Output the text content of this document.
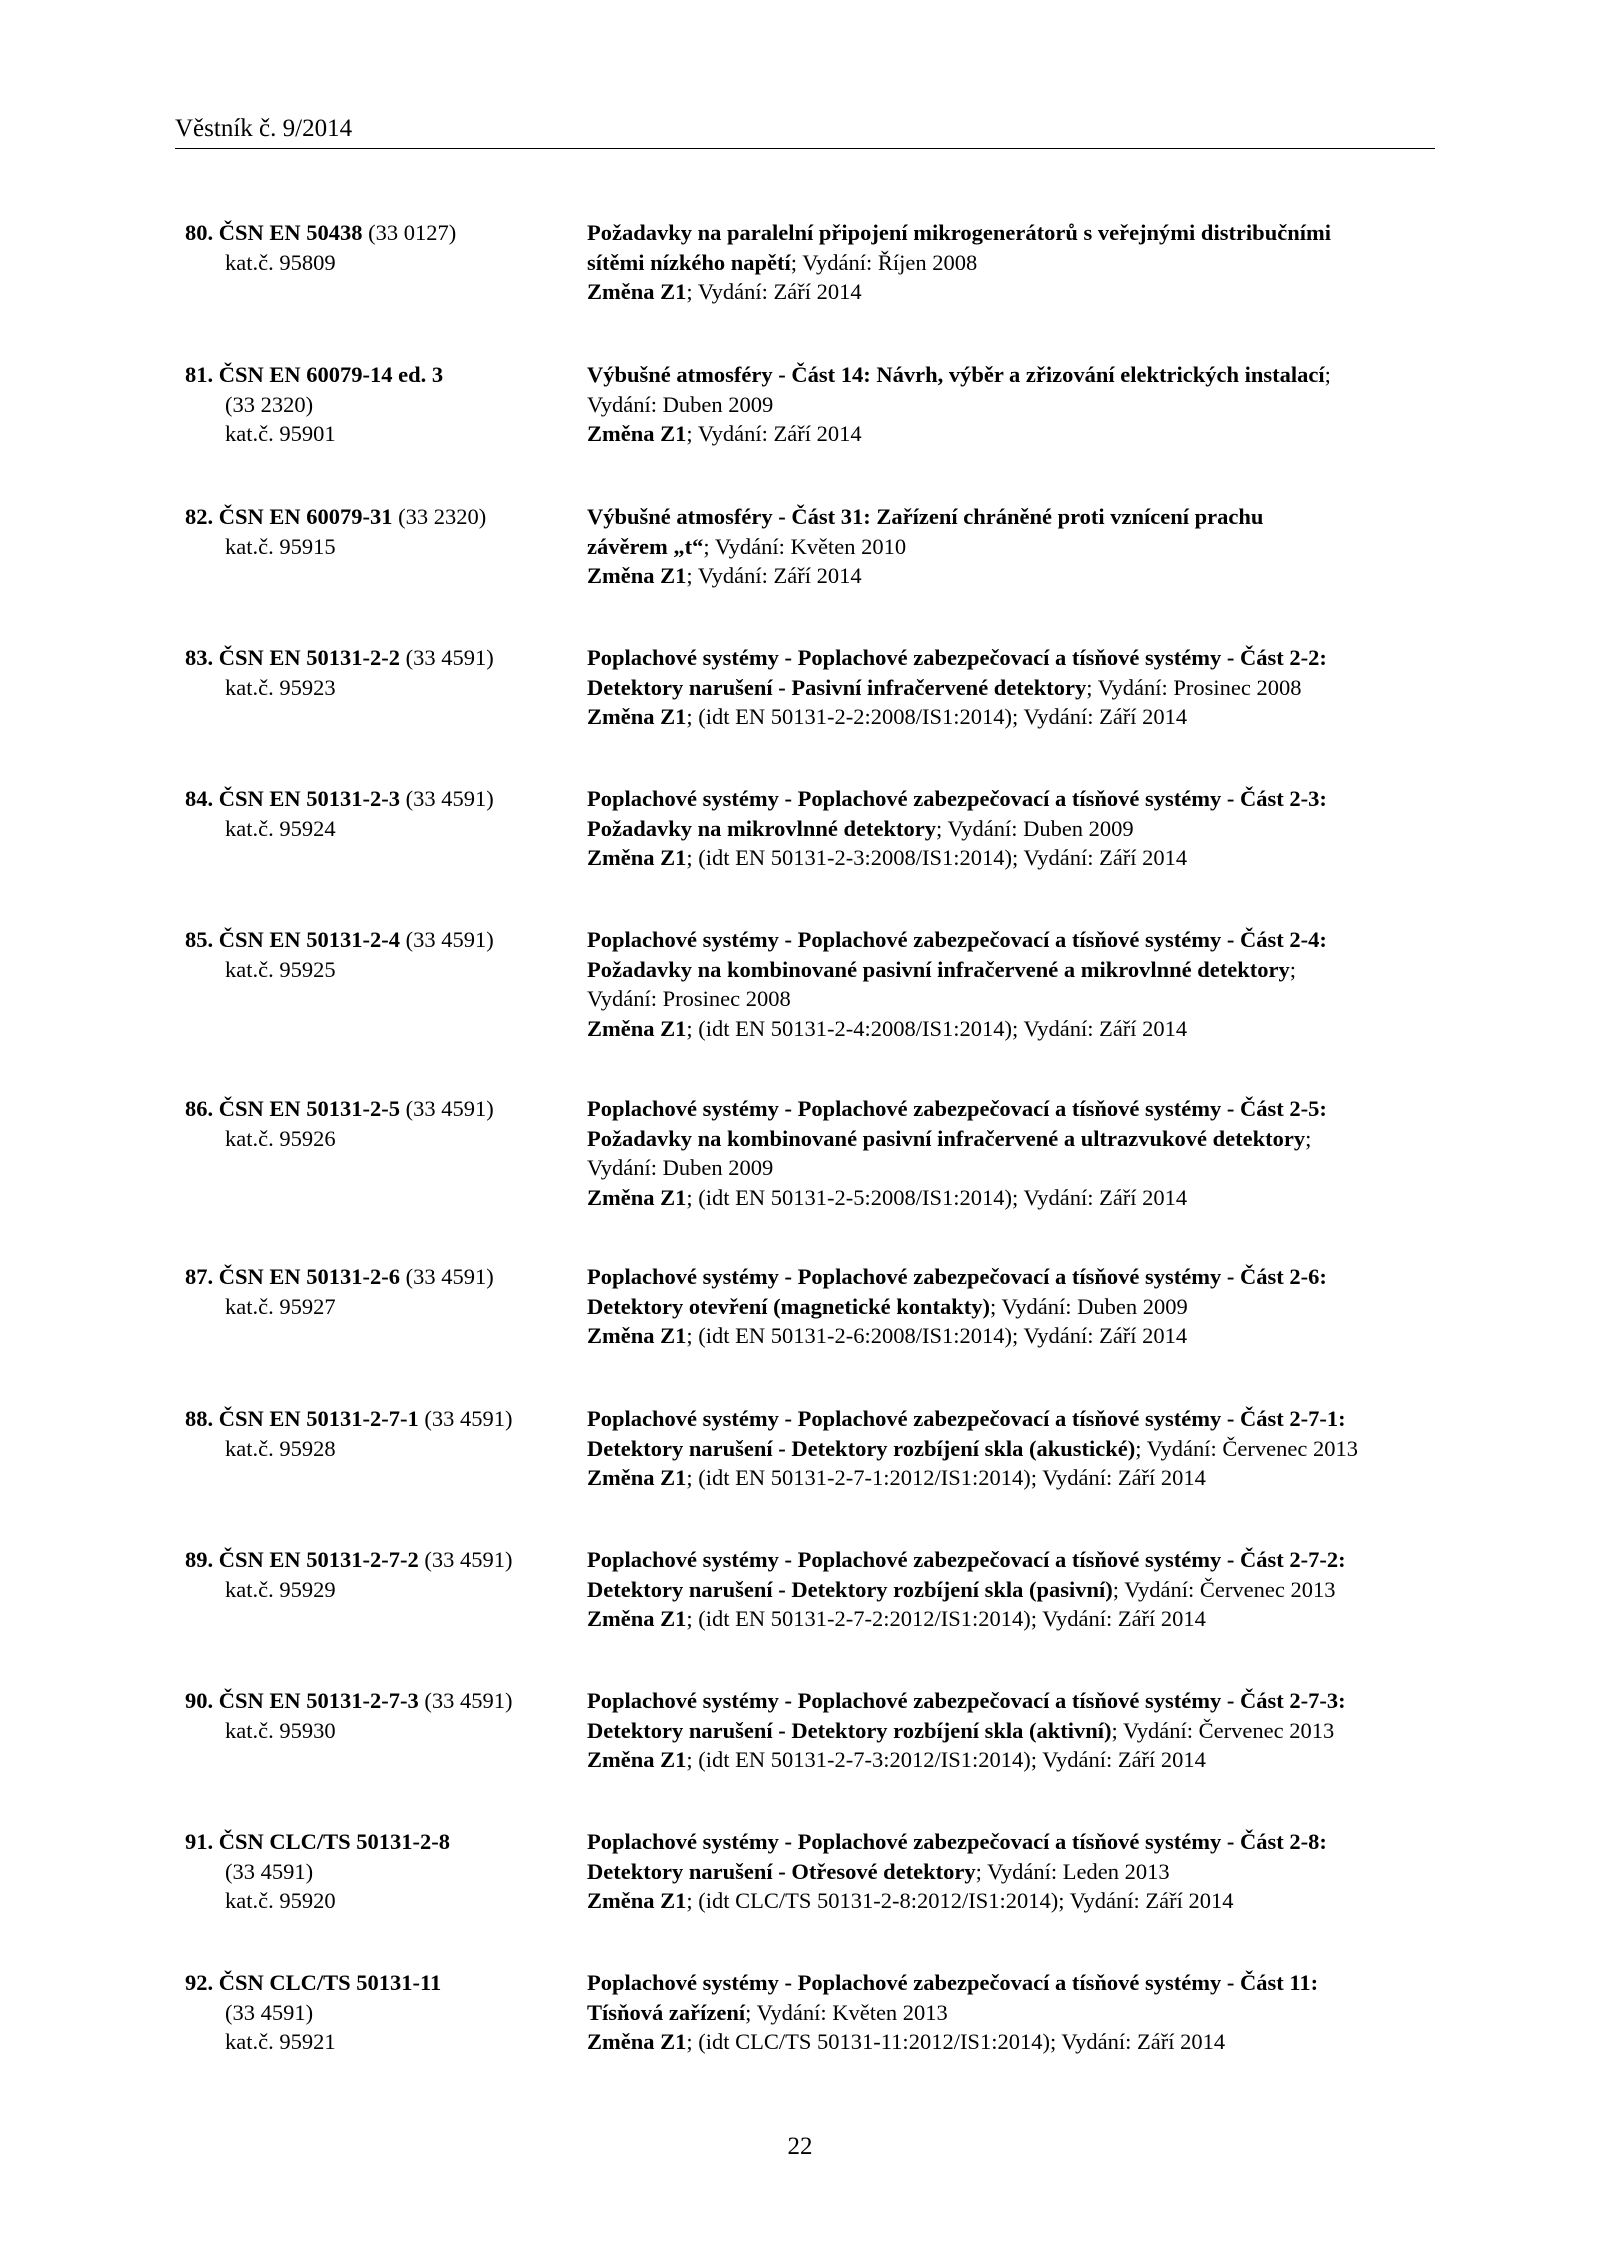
Věstník č. 9/2014
80. ČSN EN 50438 (33 0127)
kat.č. 95809
Požadavky na paralelní připojení mikrogenerátorů s veřejnými distribučními
sítěmi nízkého napětí; Vydání: Říjen 2008
Změna Z1; Vydání: Září 2014
81. ČSN EN 60079-14 ed. 3
(33 2320)
kat.č. 95901
Výbušné atmosféry - Část 14: Návrh, výběr a zřizování elektrických instalací;
Vydání: Duben 2009
Změna Z1; Vydání: Září 2014
82. ČSN EN 60079-31 (33 2320)
kat.č. 95915
Výbušné atmosféry - Část 31: Zařízení chráněné proti vznícení prachu
závěrem „t“; Vydání: Květen 2010
Změna Z1; Vydání: Září 2014
83. ČSN EN 50131-2-2 (33 4591)
kat.č. 95923
Poplachové systémy - Poplachové zabezpečovací a tísňové systémy - Část 2-2:
Detektory narušení - Pasivní infračervené detektory; Vydání: Prosinec 2008
Změna Z1; (idt EN 50131-2-2:2008/IS1:2014); Vydání: Září 2014
84. ČSN EN 50131-2-3 (33 4591)
kat.č. 95924
Poplachové systémy - Poplachové zabezpečovací a tísňové systémy - Část 2-3:
Požadavky na mikrovlnné detektory; Vydání: Duben 2009
Změna Z1; (idt EN 50131-2-3:2008/IS1:2014); Vydání: Září 2014
85. ČSN EN 50131-2-4 (33 4591)
kat.č. 95925
Poplachové systémy - Poplachové zabezpečovací a tísňové systémy - Část 2-4:
Požadavky na kombinované pasivní infračervené a mikrovlnné detektory;
Vydání: Prosinec 2008
Změna Z1; (idt EN 50131-2-4:2008/IS1:2014); Vydání: Září 2014
86. ČSN EN 50131-2-5 (33 4591)
kat.č. 95926
Poplachové systémy - Poplachové zabezpečovací a tísňové systémy - Část 2-5:
Požadavky na kombinované pasivní infračervené a ultrazvukové detektory;
Vydání: Duben 2009
Změna Z1; (idt EN 50131-2-5:2008/IS1:2014); Vydání: Září 2014
87. ČSN EN 50131-2-6 (33 4591)
kat.č. 95927
Poplachové systémy - Poplachové zabezpečovací a tísňové systémy - Část 2-6:
Detektory otevření (magnetické kontakty); Vydání: Duben 2009
Změna Z1; (idt EN 50131-2-6:2008/IS1:2014); Vydání: Září 2014
88. ČSN EN 50131-2-7-1 (33 4591)
kat.č. 95928
Poplachové systémy - Poplachové zabezpečovací a tísňové systémy - Část 2-7-1:
Detektory narušení - Detektory rozbíjení skla (akustické); Vydání: Červenec 2013
Změna Z1; (idt EN 50131-2-7-1:2012/IS1:2014); Vydání: Září 2014
89. ČSN EN 50131-2-7-2 (33 4591)
kat.č. 95929
Poplachové systémy - Poplachové zabezpečovací a tísňové systémy - Část 2-7-2:
Detektory narušení - Detektory rozbíjení skla (pasivní); Vydání: Červenec 2013
Změna Z1; (idt EN 50131-2-7-2:2012/IS1:2014); Vydání: Září 2014
90. ČSN EN 50131-2-7-3 (33 4591)
kat.č. 95930
Poplachové systémy - Poplachové zabezpečovací a tísňové systémy - Část 2-7-3:
Detektory narušení - Detektory rozbíjení skla (aktivní); Vydání: Červenec 2013
Změna Z1; (idt EN 50131-2-7-3:2012/IS1:2014); Vydání: Září 2014
91. ČSN CLC/TS 50131-2-8
(33 4591)
kat.č. 95920
Poplachové systémy - Poplachové zabezpečovací a tísňové systémy - Část 2-8:
Detektory narušení - Otřesové detektory; Vydání: Leden 2013
Změna Z1; (idt CLC/TS 50131-2-8:2012/IS1:2014); Vydání: Září 2014
92. ČSN CLC/TS 50131-11
(33 4591)
kat.č. 95921
Poplachové systémy - Poplachové zabezpečovací a tísňové systémy - Část 11:
Tísňová zařízení; Vydání: Květen 2013
Změna Z1; (idt CLC/TS 50131-11:2012/IS1:2014); Vydání: Září 2014
22
